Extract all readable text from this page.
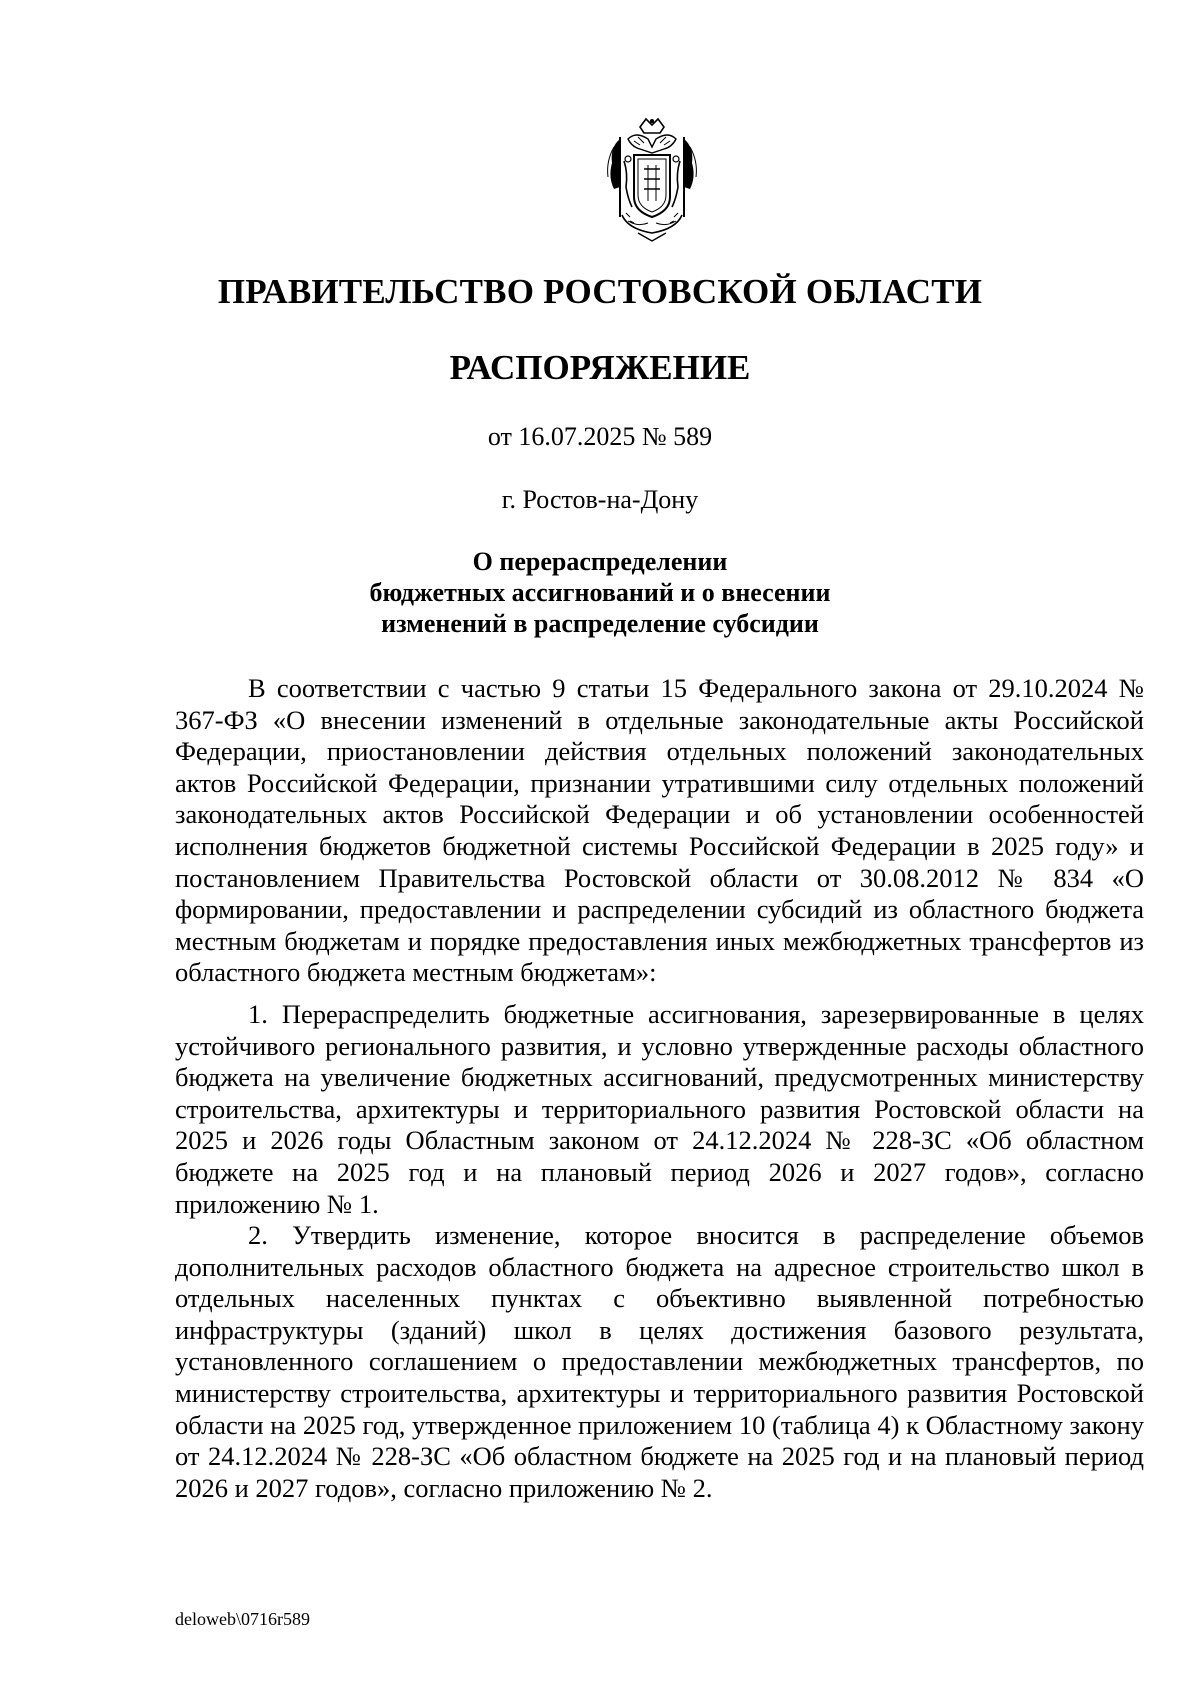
ПРАВИТЕЛЬСТВО РОСТОВСКОЙ ОБЛАСТИ
РАСПОРЯЖЕНИЕ
от 16.07.2025 № 589
г. Ростов-на-Дону
О перераспределении
бюджетных ассигнований и о внесении
изменений в распределение субсидии

В соответствии с частью 9 статьи 15 Федерального закона от 29.10.2024 № 367-ФЗ «О внесении изменений в отдельные законодательные акты Российской Федерации, приостановлении действия отдельных положений законодательных актов Российской Федерации, признании утратившими силу отдельных положений законодательных актов Российской Федерации и об установлении особенностей исполнения бюджетов бюджетной системы Российской Федерации в 2025 году» и постановлением Правительства Ростовской области от 30.08.2012 № 834 «О формировании, предоставлении и распределении субсидий из областного бюджета местным бюджетам и порядке предоставления иных межбюджетных трансфертов из областного бюджета местным бюджетам»:

1. Перераспределить бюджетные ассигнования, зарезервированные в целях устойчивого регионального развития, и условно утвержденные расходы областного бюджета на увеличение бюджетных ассигнований, предусмотренных министерству строительства, архитектуры и территориального развития Ростовской области на 2025 и 2026 годы Областным законом от 24.12.2024 № 228-ЗС «Об областном бюджете на 2025 год и на плановый период 2026 и 2027 годов», согласно приложению № 1.

2. Утвердить изменение, которое вносится в распределение объемов дополнительных расходов областного бюджета на адресное строительство школ в отдельных населенных пунктах с объективно выявленной потребностью инфраструктуры (зданий) школ в целях достижения базового результата, установленного соглашением о предоставлении межбюджетных трансфертов, по министерству строительства, архитектуры и территориального развития Ростовской области на 2025 год, утвержденное приложением 10 (таблица 4) к Областному закону от 24.12.2024 № 228-ЗС «Об областном бюджете на 2025 год и на плановый период 2026 и 2027 годов», согласно приложению № 2.

deloweb\0716r589
